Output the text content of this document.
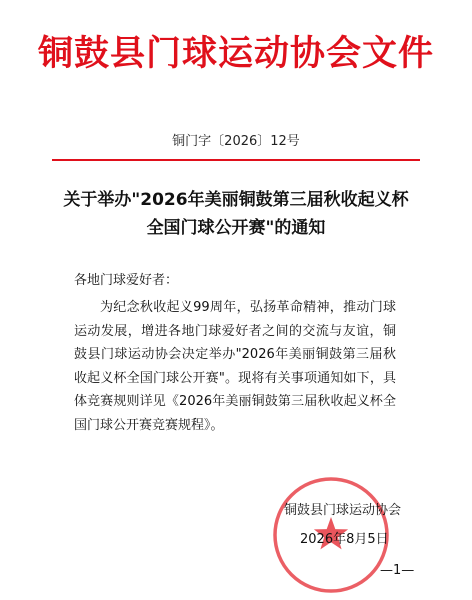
铜鼓县门球运动协会文件
铜门字〔2026〕12号
关于举办"2026年美丽铜鼓第三届秋收起义杯全国门球公开赛"的通知
各地门球爱好者：
为纪念秋收起义99周年，弘扬革命精神，推动门球运动发展，增进各地门球爱好者之间的交流与友谊，铜鼓县门球运动协会决定举办"2026年美丽铜鼓第三届秋收起义杯全国门球公开赛"。现将有关事项通知如下，具体竞赛规则详见《2026年美丽铜鼓第三届秋收起义杯全国门球公开赛竞赛规程》。
铜鼓县门球运动协会
2026年8月5日
—1—
